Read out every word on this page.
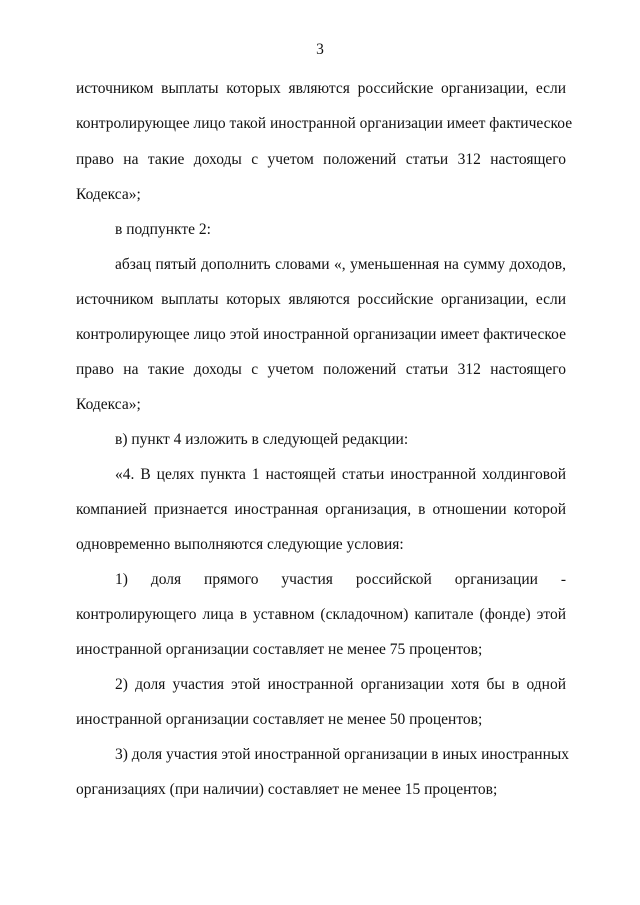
3
источником выплаты которых являются российские организации, если
контролирующее лицо такой иностранной организации имеет фактическое
право на такие доходы с учетом положений статьи 312 настоящего
Кодекса»;
в подпункте 2:
абзац пятый дополнить словами «, уменьшенная на сумму доходов,
источником выплаты которых являются российские организации, если
контролирующее лицо этой иностранной организации имеет фактическое
право на такие доходы с учетом положений статьи 312 настоящего
Кодекса»;
в) пункт 4 изложить в следующей редакции:
«4. В целях пункта 1 настоящей статьи иностранной холдинговой
компанией признается иностранная организация, в отношении которой
одновременно выполняются следующие условия:
1) доля прямого участия российской организации -
контролирующего лица в уставном (складочном) капитале (фонде) этой
иностранной организации составляет не менее 75 процентов;
2) доля участия этой иностранной организации хотя бы в одной
иностранной организации составляет не менее 50 процентов;
3) доля участия этой иностранной организации в иных иностранных
организациях (при наличии) составляет не менее 15 процентов;
